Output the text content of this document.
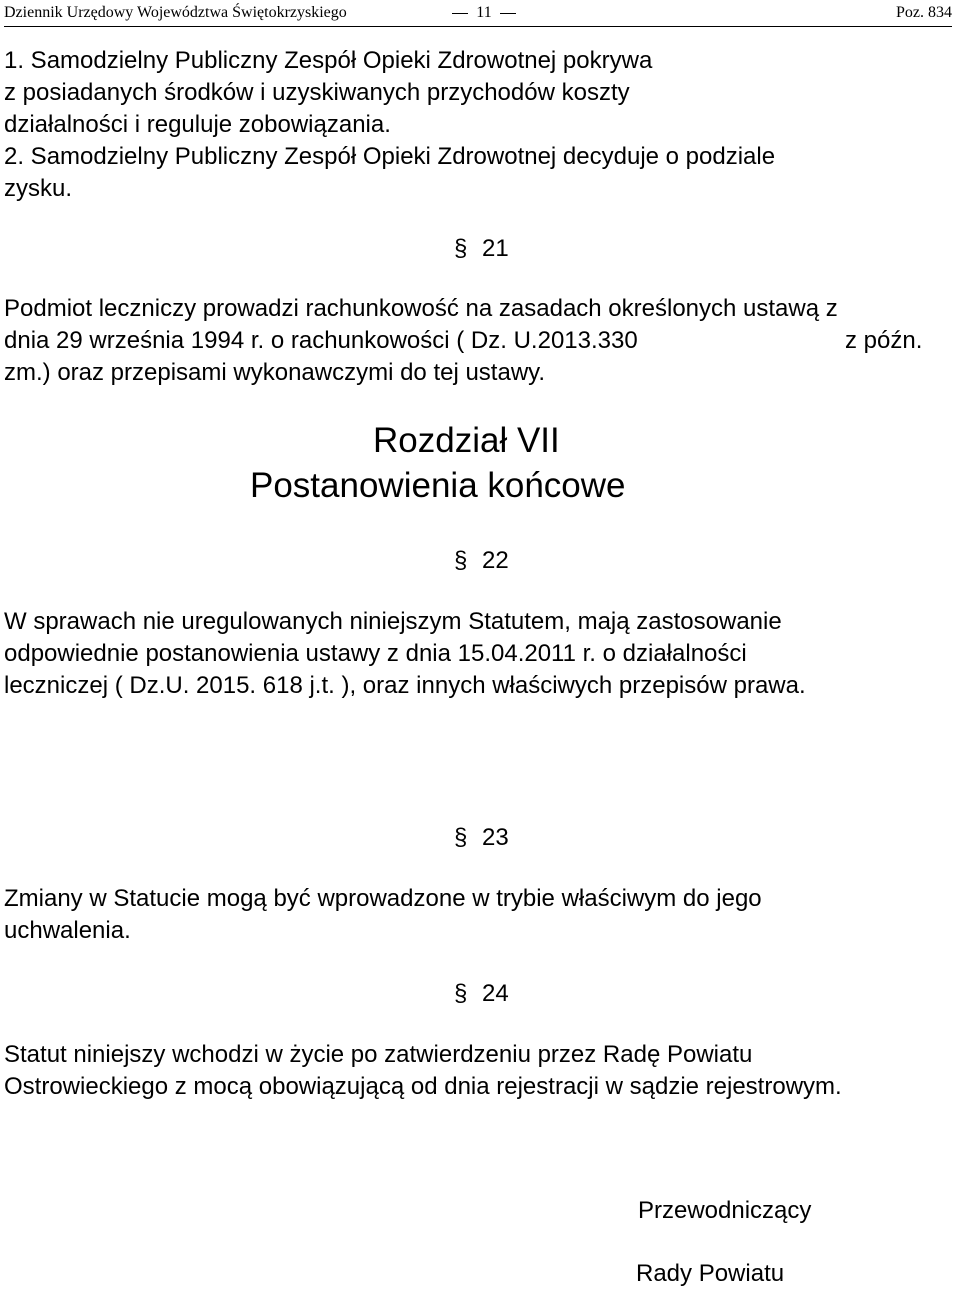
Dziennik Urzędowy Województwa Świętokrzyskiego	11	Poz. 834
1. Samodzielny Publiczny Zespół Opieki Zdrowotnej pokrywa
z posiadanych środków i uzyskiwanych przychodów koszty
działalności i reguluje zobowiązania.
2. Samodzielny Publiczny Zespół Opieki Zdrowotnej decyduje o podziale
zysku.
§ 21
Podmiot leczniczy prowadzi rachunkowość na zasadach określonych ustawą z
dnia 29 września 1994 r. o rachunkowości ( Dz. U.2013.330	z późn.
zm.) oraz przepisami wykonawczymi do tej ustawy.
Rozdział VII
Postanowienia końcowe
§ 22
W sprawach nie uregulowanych niniejszym Statutem, mają zastosowanie
odpowiednie postanowienia ustawy z dnia 15.04.2011 r. o działalności
leczniczej ( Dz.U. 2015. 618 j.t. ), oraz innych właściwych przepisów prawa.
§ 23
Zmiany w Statucie mogą być wprowadzone w trybie właściwym do jego
uchwalenia.
§ 24
Statut niniejszy wchodzi w życie po zatwierdzeniu przez Radę Powiatu
Ostrowieckiego z mocą obowiązującą od dnia rejestracji w sądzie rejestrowym.
Przewodniczący
Rady Powiatu
